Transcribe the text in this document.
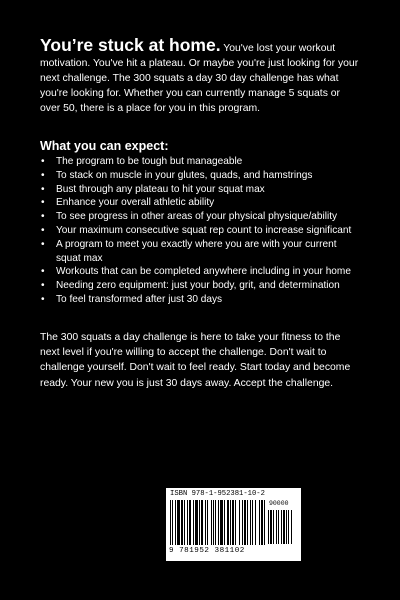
You’re stuck at home. You've lost your workout motivation. You've hit a plateau. Or maybe you're just looking for your next challenge. The 300 squats a day 30 day challenge has what you're looking for. Whether you can currently manage 5 squats or over 50, there is a place for you in this program.
What you can expect:
• The program to be tough but manageable
• To stack on muscle in your glutes, quads, and hamstrings
• Bust through any plateau to hit your squat max
• Enhance your overall athletic ability
• To see progress in other areas of your physical physique/ability
• Your maximum consecutive squat rep count to increase significant
• A program to meet you exactly where you are with your current squat max
• Workouts that can be completed anywhere including in your home
• Needing zero equipment: just your body, grit, and determination
• To feel transformed after just 30 days
The 300 squats a day challenge is here to take your fitness to the next level if you're willing to accept the challenge. Don't wait to challenge yourself. Don't wait to feel ready. Start today and become ready. Your new you is just 30 days away. Accept the challenge.
ISBN 978-1-952381-10-2
90000
9 781952 381102
